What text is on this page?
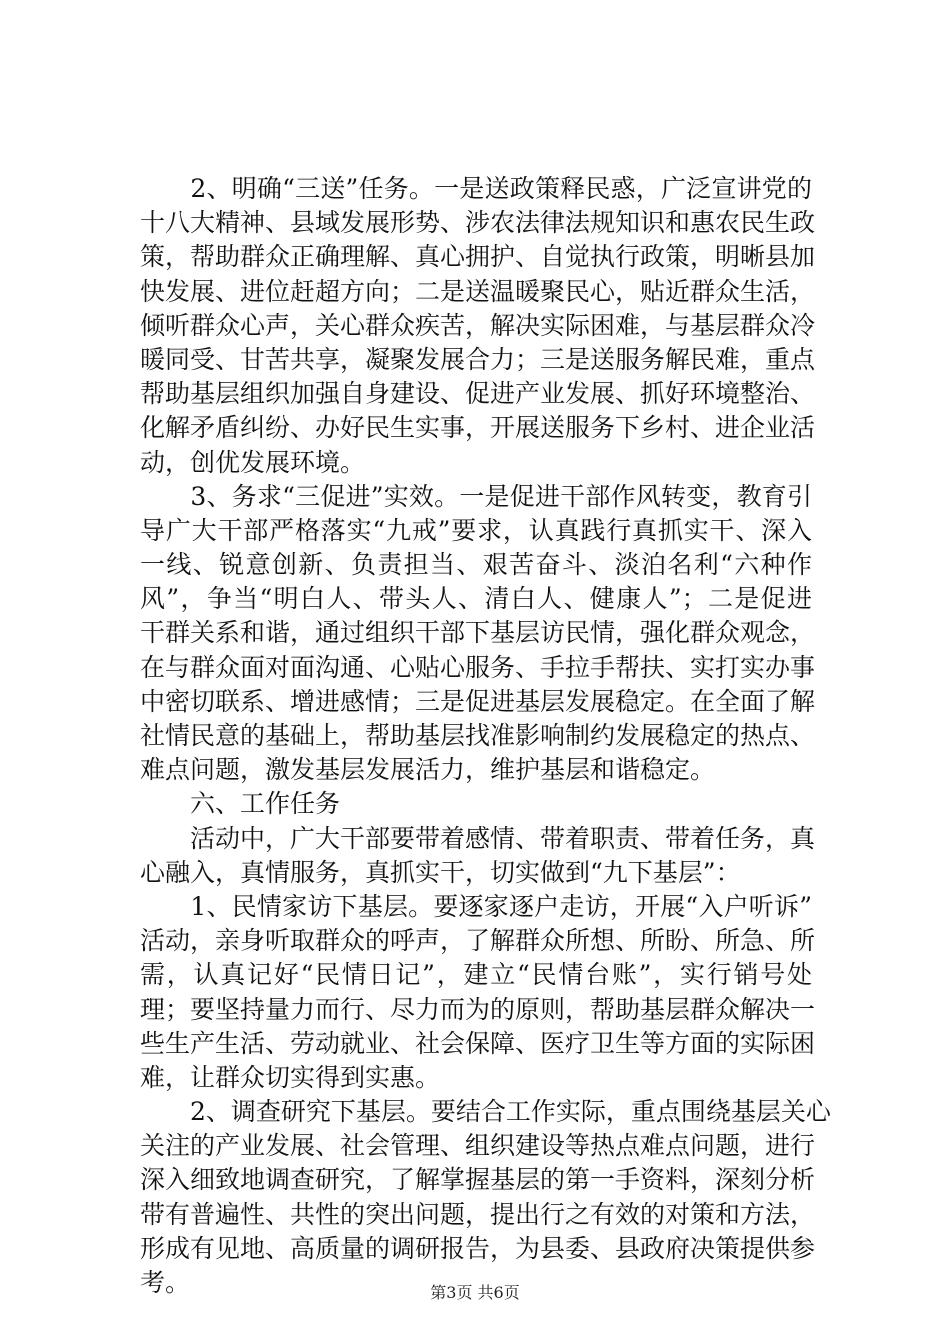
　　2、明确“三送”任务。一是送政策释民惑，广泛宣讲党的
十八大精神、县域发展形势、涉农法律法规知识和惠农民生政
策，帮助群众正确理解、真心拥护、自觉执行政策，明晰县加
快发展、进位赶超方向；二是送温暖聚民心，贴近群众生活，
倾听群众心声，关心群众疾苦，解决实际困难，与基层群众冷
暖同受、甘苦共享，凝聚发展合力；三是送服务解民难，重点
帮助基层组织加强自身建设、促进产业发展、抓好环境整治、
化解矛盾纠纷、办好民生实事，开展送服务下乡村、进企业活
动，创优发展环境。
　　3、务求“三促进”实效。一是促进干部作风转变，教育引
导广大干部严格落实“九戒”要求，认真践行真抓实干、深入
一线、锐意创新、负责担当、艰苦奋斗、淡泊名利“六种作
风”，争当“明白人、带头人、清白人、健康人”；二是促进
干群关系和谐，通过组织干部下基层访民情，强化群众观念，
在与群众面对面沟通、心贴心服务、手拉手帮扶、实打实办事
中密切联系、增进感情；三是促进基层发展稳定。在全面了解
社情民意的基础上，帮助基层找准影响制约发展稳定的热点、
难点问题，激发基层发展活力，维护基层和谐稳定。
　　六、工作任务
　　活动中，广大干部要带着感情、带着职责、带着任务，真
心融入，真情服务，真抓实干，切实做到“九下基层”：
　　1、民情家访下基层。要逐家逐户走访，开展“入户听诉”
活动，亲身听取群众的呼声，了解群众所想、所盼、所急、所
需，认真记好“民情日记”，建立“民情台账”，实行销号处
理；要坚持量力而行、尽力而为的原则，帮助基层群众解决一
些生产生活、劳动就业、社会保障、医疗卫生等方面的实际困
难，让群众切实得到实惠。
　　2、调查研究下基层。要结合工作实际，重点围绕基层关心
关注的产业发展、社会管理、组织建设等热点难点问题，进行
深入细致地调查研究，了解掌握基层的第一手资料，深刻分析
带有普遍性、共性的突出问题，提出行之有效的对策和方法，
形成有见地、高质量的调研报告，为县委、县政府决策提供参
考。	第3页 共6页
